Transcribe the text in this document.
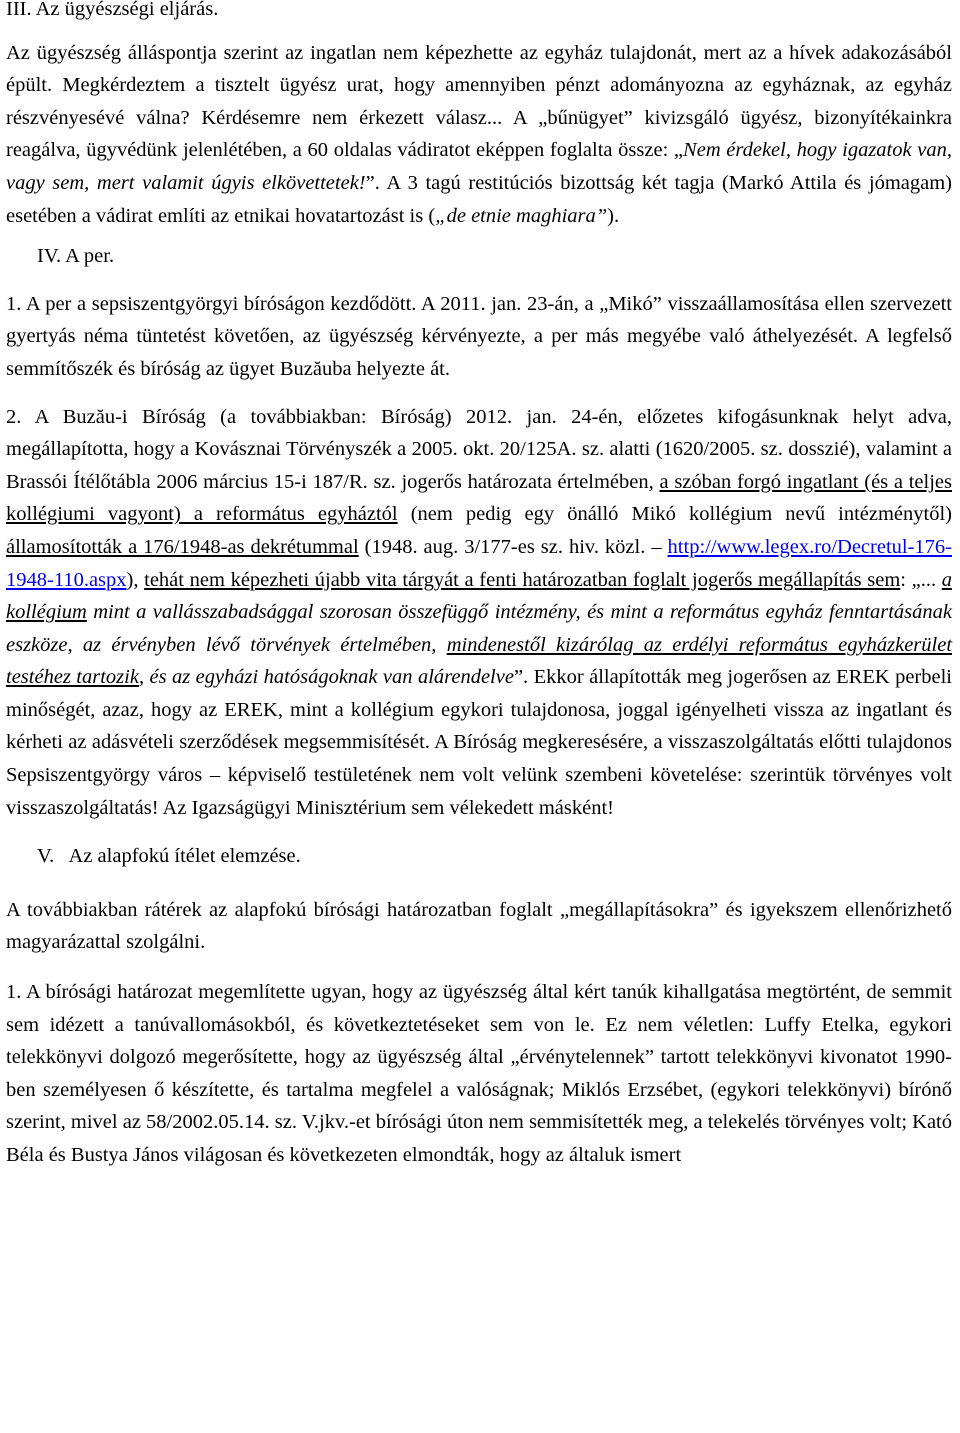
III. Az ügyészségi eljárás.

Az ügyészség álláspontja szerint az ingatlan nem képezhette az egyház tulajdonát, mert az a hívek adakozásából épült. Megkérdeztem a tisztelt ügyész urat, hogy amennyiben pénzt adományozna az egyháznak, az egyház részvényesévé válna? Kérdésemre nem érkezett válasz... A „bűnügyet” kivizsgáló ügyész, bizonyítékainkra reagálva, ügyvédünk jelenlétében, a 60 oldalas vádiratot eképpen foglalta össze: „Nem érdekel, hogy igazatok van, vagy sem, mert valamit úgyis elkövettetek!”. A 3 tagú restitúciós bizottság két tagja (Markó Attila és jómagam) esetében a vádirat említi az etnikai hovatartozást is („de etnie maghiara”).

IV. A per.

1. A per a sepsiszentgyörgyi bíróságon kezdődött. A 2011. jan. 23-án, a „Mikó” visszaállamosítása ellen szervezett gyertyás néma tüntetést követően, az ügyészség kérvényezte, a per más megyébe való áthelyezését. A legfelső semmítőszék és bíróság az ügyet Buzăuba helyezte át.

2. A Buzău-i Bíróság (a továbbiakban: Bíróság) 2012. jan. 24-én, előzetes kifogásunknak helyt adva, megállapította, hogy a Kovásznai Törvényszék a 2005. okt. 20/125A. sz. alatti (1620/2005. sz. dosszié), valamint a Brassói Ítélőtábla 2006 március 15-i 187/R. sz. jogerős határozata értelmében, a szóban forgó ingatlant (és a teljes kollégiumi vagyont) a református egyháztól (nem pedig egy önálló Mikó kollégium nevű intézménytől) államosították a 176/1948-as dekrétummal (1948. aug. 3/177-es sz. hiv. közl. – http://www.legex.ro/Decretul-176-1948-110.aspx), tehát nem képezheti újabb vita tárgyát a fenti határozatban foglalt jogerős megállapítás sem: „... a kollégium mint a vallásszabadsággal szorosan összefüggő intézmény, és mint a református egyház fenntartásának eszköze, az érvényben lévő törvények értelmében, mindenestől kizárólag az erdélyi református egyházkerület testéhez tartozik, és az egyházi hatóságoknak van alárendelve”. Ekkor állapították meg jogerősen az EREK perbeli minőségét, azaz, hogy az EREK, mint a kollégium egykori tulajdonosa, joggal igényelheti vissza az ingatlant és kérheti az adásvételi szerződések megsemmisítését. A Bíróság megkeresésére, a visszaszolgáltatás előtti tulajdonos Sepsiszentgyörgy város – képviselő testületének nem volt velünk szembeni követelése: szerintük törvényes volt visszaszolgáltatás! Az Igazságügyi Minisztérium sem vélekedett másként!

V.   Az alapfokú ítélet elemzése.

A továbbiakban rátérek az alapfokú bírósági határozatban foglalt „megállapításokra” és igyekszem ellenőrizhető magyarázattal szolgálni.

1. A bírósági határozat megemlítette ugyan, hogy az ügyészség által kért tanúk kihallgatása megtörtént, de semmit sem idézett a tanúvallomásokból, és következtetéseket sem von le. Ez nem véletlen: Luffy Etelka, egykori telekkönyvi dolgozó megerősítette, hogy az ügyészség által „érvénytelennek” tartott telekkönyvi kivonatot 1990-ben személyesen ő készítette, és tartalma megfelel a valóságnak; Miklós Erzsébet, (egykori telekkönyvi) bírónő szerint, mivel az 58/2002.05.14. sz. V.jkv.-et bírósági úton nem semmisítették meg, a telekelés törvényes volt; Kató Béla és Bustya János világosan és következeten elmondták, hogy az általuk ismert
